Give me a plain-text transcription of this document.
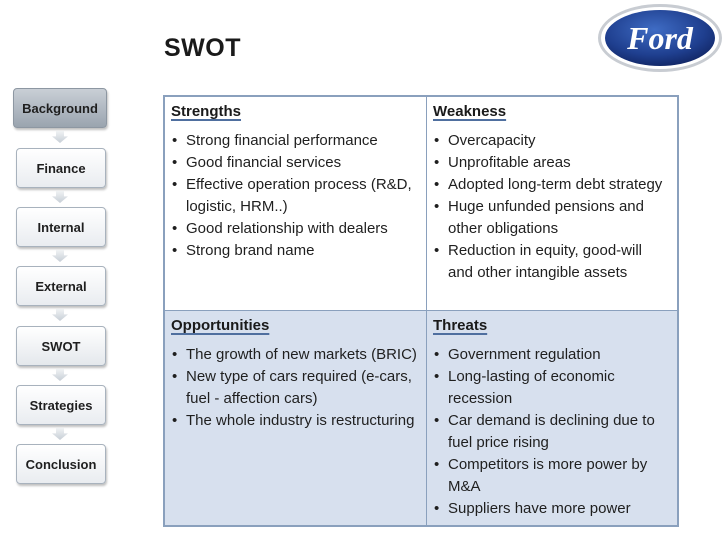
SWOT	Ford
Background
Finance
Internal
External
SWOT
Strategies
Conclusion
Strengths
• Strong financial performance
• Good financial services
• Effective operation process (R&D, logistic, HRM..)
• Good relationship with dealers
• Strong brand name
Weakness
• Overcapacity
• Unprofitable areas
• Adopted long-term debt strategy
• Huge unfunded pensions and other obligations
• Reduction in equity, good-will and other intangible assets
Opportunities
• The growth of new markets (BRIC)
• New type of cars required (e-cars, fuel - affection cars)
• The whole industry is restructuring
Threats
• Government regulation
• Long-lasting of economic recession
• Car demand is declining due to fuel price rising
• Competitors is more power by M&A
• Suppliers have more power
